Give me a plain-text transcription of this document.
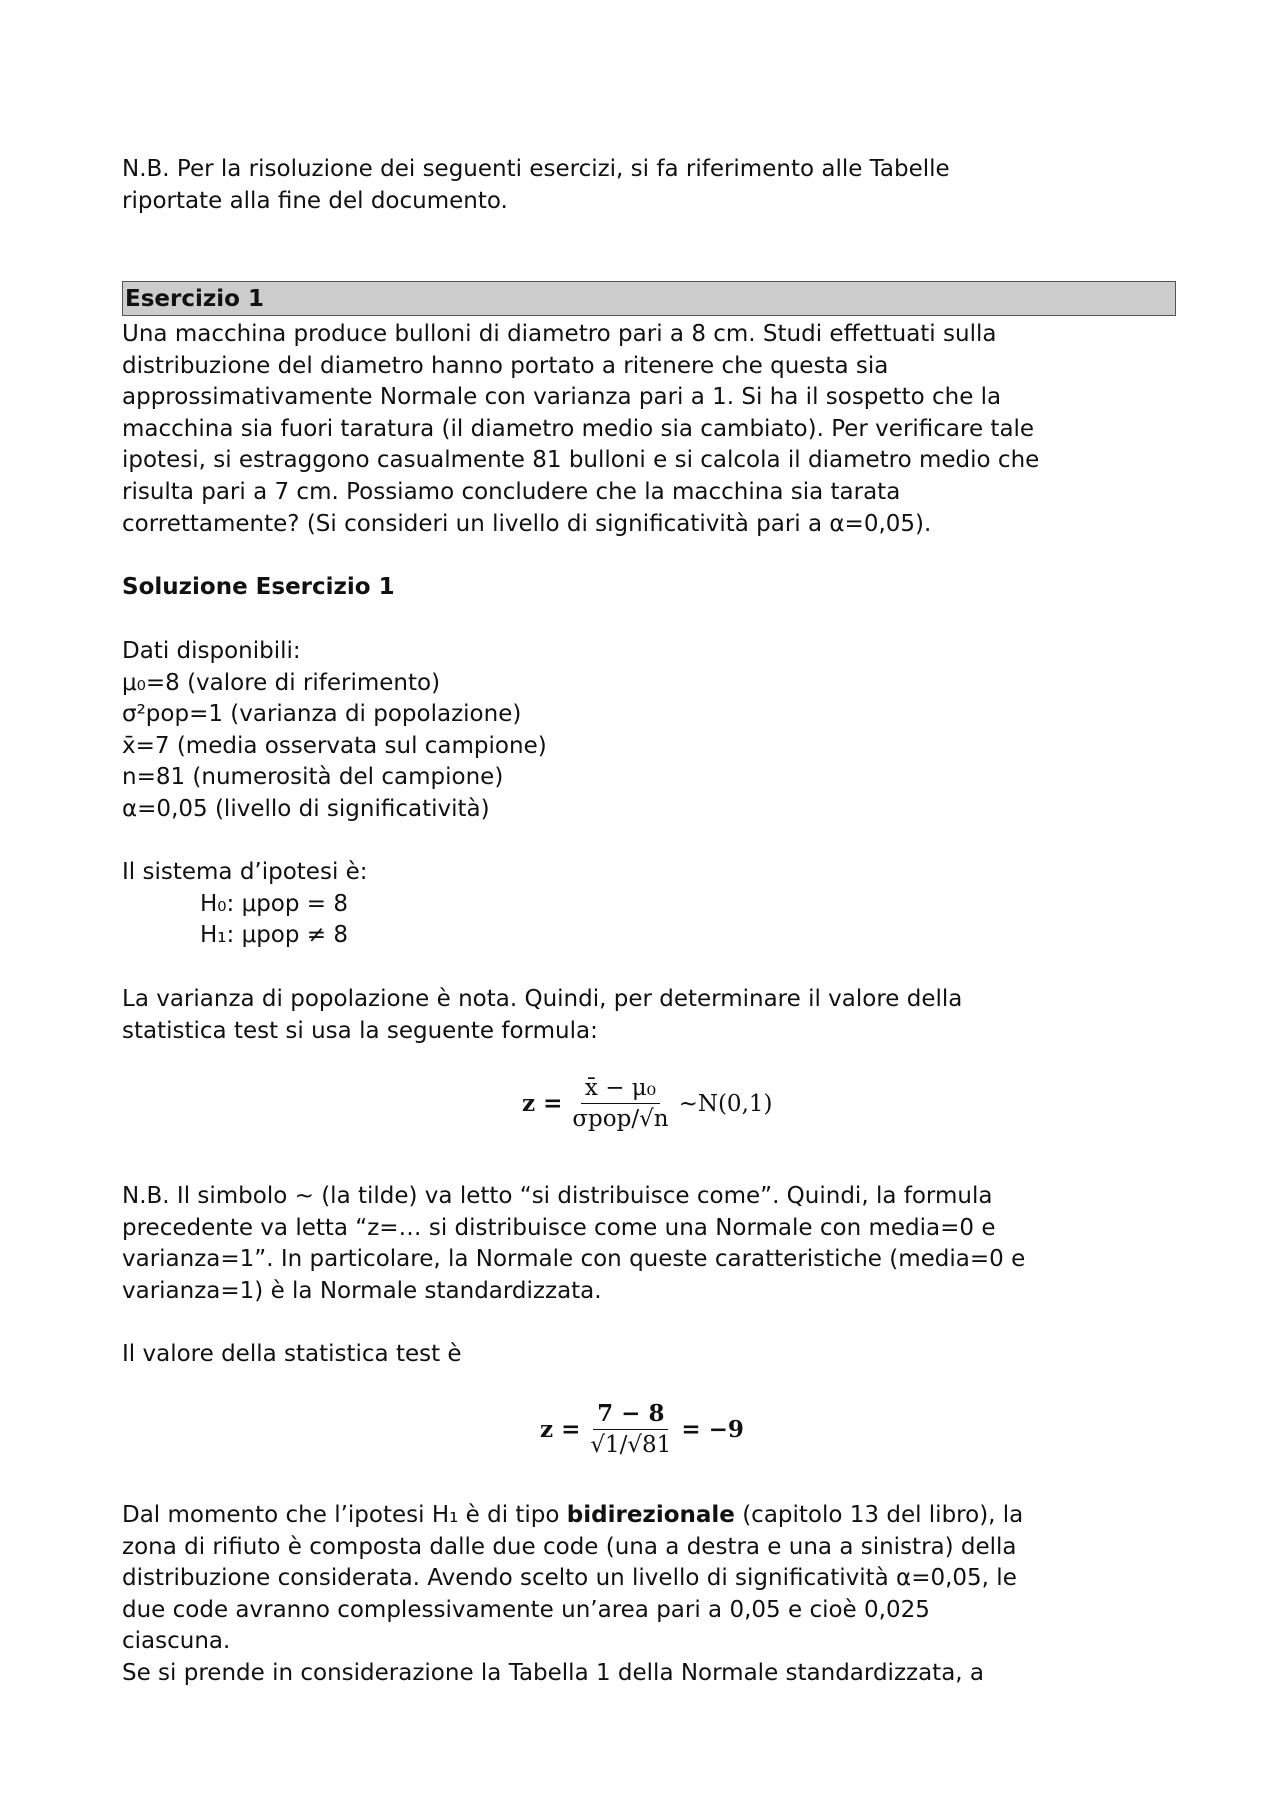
N.B. Per la risoluzione dei seguenti esercizi, si fa riferimento alle Tabelle
riportate alla fine del documento.
Esercizio 1
Una macchina produce bulloni di diametro pari a 8 cm. Studi effettuati sulla
distribuzione del diametro hanno portato a ritenere che questa sia
approssimativamente Normale con varianza pari a 1. Si ha il sospetto che la
macchina sia fuori taratura (il diametro medio sia cambiato). Per verificare tale
ipotesi, si estraggono casualmente 81 bulloni e si calcola il diametro medio che
risulta pari a 7 cm. Possiamo concludere che la macchina sia tarata
correttamente? (Si consideri un livello di significatività pari a α=0,05).
Soluzione Esercizio 1
Dati disponibili:
μ₀=8 (valore di riferimento)
σ²pop=1 (varianza di popolazione)
x̄=7 (media osservata sul campione)
n=81 (numerosità del campione)
α=0,05 (livello di significatività)
Il sistema d’ipotesi è:
H₀: μpop = 8
H₁: μpop ≠ 8
La varianza di popolazione è nota. Quindi, per determinare il valore della
statistica test si usa la seguente formula:
$z = \frac{\text{x̄ − μ₀}}{\text{σpop/√n}}$ ~N(0,1)
N.B. Il simbolo ~ (la tilde) va letto “si distribuisce come”. Quindi, la formula
precedente va letta “z=… si distribuisce come una Normale con media=0 e
varianza=1”. In particolare, la Normale con queste caratteristiche (media=0 e
varianza=1) è la Normale standardizzata.
Il valore della statistica test è
$z = \frac{7 - 8}{√1/√81} = -9$
Dal momento che l’ipotesi H₁ è di tipo bidirezionale (capitolo 13 del libro), la
zona di rifiuto è composta dalle due code (una a destra e una a sinistra) della
distribuzione considerata. Avendo scelto un livello di significatività α=0,05, le
due code avranno complessivamente un’area pari a 0,05 e cioè 0,025
ciascuna.
Se si prende in considerazione la Tabella 1 della Normale standardizzata, a
